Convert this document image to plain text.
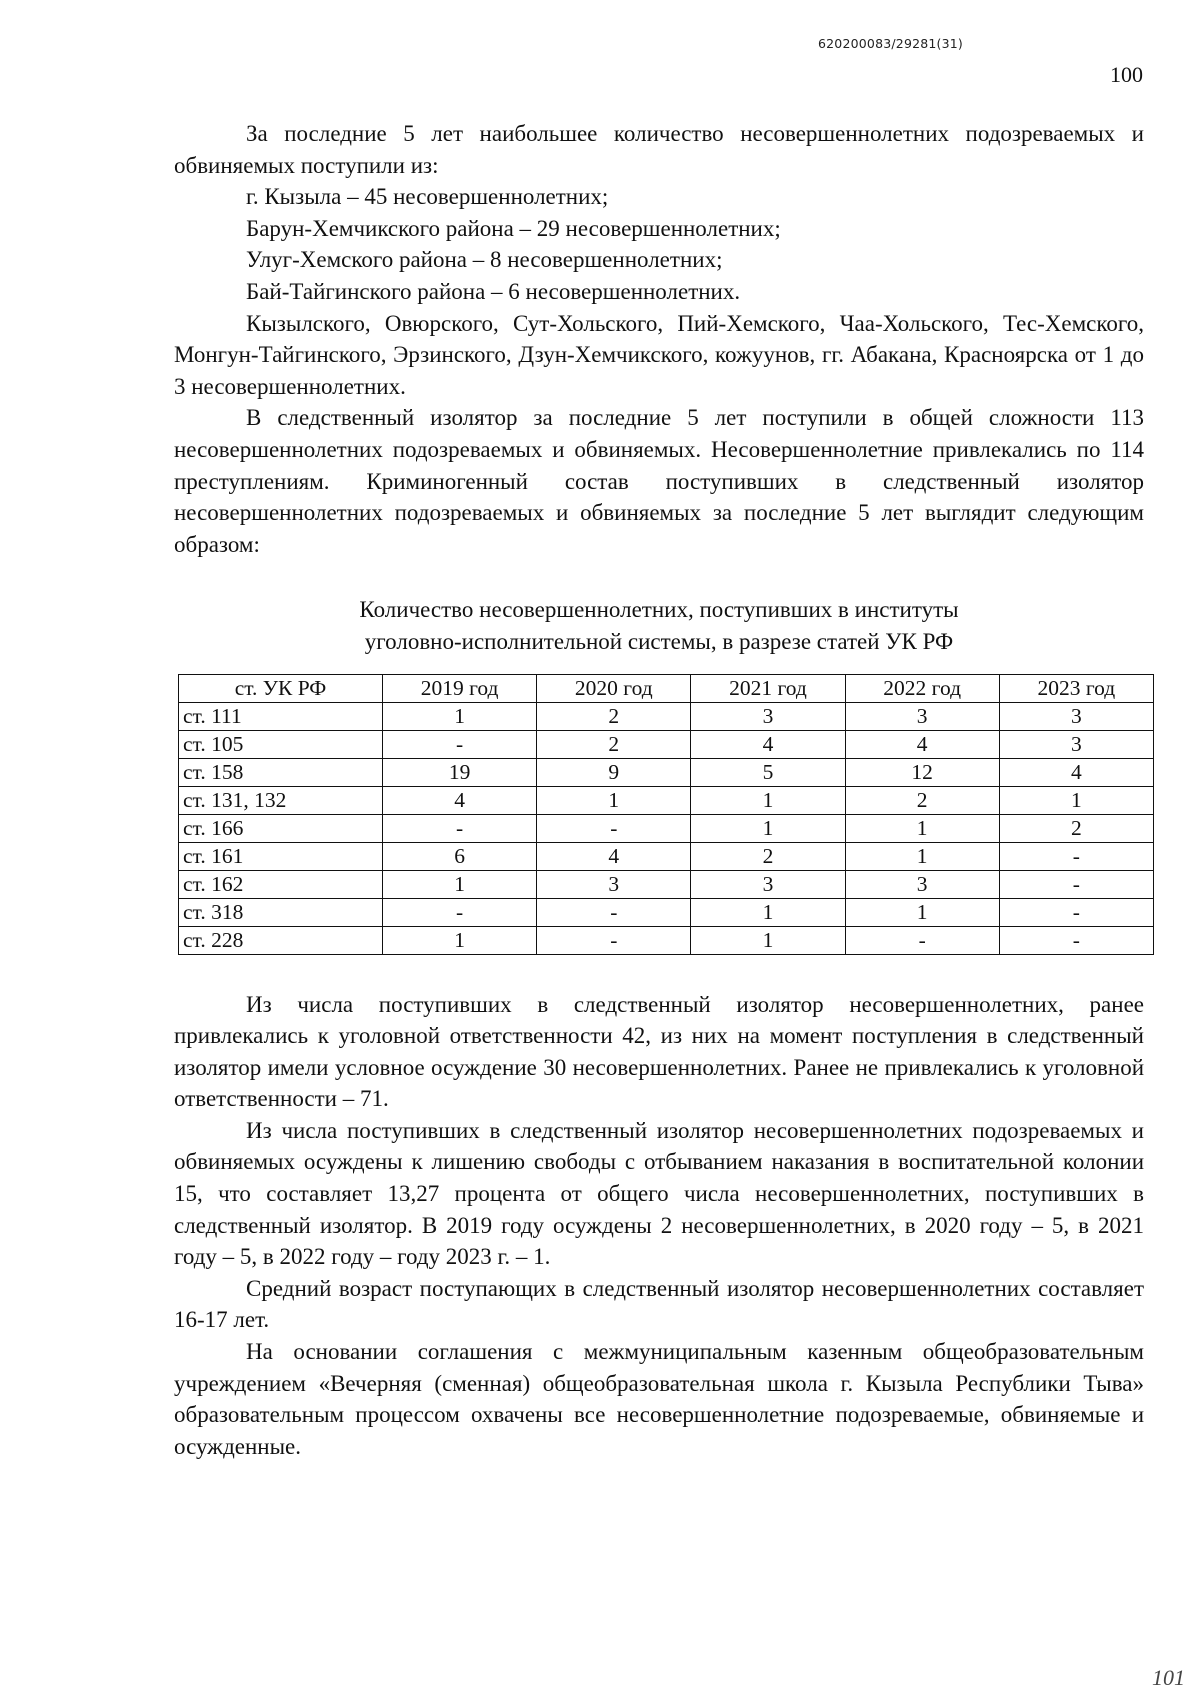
620200083/29281(31)
100

За последние 5 лет наибольшее количество несовершеннолетних подозреваемых и обвиняемых поступили из:

г. Кызыла – 45 несовершеннолетних;

Барун-Хемчикского района – 29 несовершеннолетних;

Улуг-Хемского района – 8 несовершеннолетних;

Бай-Тайгинского района – 6 несовершеннолетних.

Кызылского, Овюрского, Сут-Хольского, Пий-Хемского, Чаа-Хольского, Тес-Хемского, Монгун-Тайгинского, Эрзинского, Дзун-Хемчикского, кожуунов, гг. Абакана, Красноярска от 1 до 3 несовершеннолетних.

В следственный изолятор за последние 5 лет поступили в общей сложности 113 несовершеннолетних подозреваемых и обвиняемых. Несовершеннолетние привлекались по 114 преступлениям. Криминогенный состав поступивших в следственный изолятор несовершеннолетних подозреваемых и обвиняемых за последние 5 лет выглядит следующим образом:

Количество несовершеннолетних, поступивших в институты
уголовно-исполнительной системы, в разрезе статей УК РФ
ст. УК РФ	2019 год	2020 год	2021 год	2022 год	2023 год
ст. 111	1	2	3	3	3
ст. 105	-	2	4	4	3
ст. 158	19	9	5	12	4
ст. 131, 132	4	1	1	2	1
ст. 166	-	-	1	1	2
ст. 161	6	4	2	1	-
ст. 162	1	3	3	3	-
ст. 318	-	-	1	1	-
ст. 228	1	-	1	-	-

Из числа поступивших в следственный изолятор несовершеннолетних, ранее привлекались к уголовной ответственности 42, из них на момент поступления в следственный изолятор имели условное осуждение 30 несовершеннолетних. Ранее не привлекались к уголовной ответственности – 71.

Из числа поступивших в следственный изолятор несовершеннолетних подозреваемых и обвиняемых осуждены к лишению свободы с отбыванием наказания в воспитательной колонии 15, что составляет 13,27 процента от общего числа несовершеннолетних, поступивших в следственный изолятор. В 2019 году осуждены 2 несовершеннолетних, в 2020 году – 5, в 2021 году – 5, в 2022 году – году 2023 г. – 1.

Средний возраст поступающих в следственный изолятор несовершеннолетних составляет 16-17 лет.

На основании соглашения с межмуниципальным казенным общеобразовательным учреждением «Вечерняя (сменная) общеобразовательная школа г. Кызыла Республики Тыва» образовательным процессом охвачены все несовершеннолетние подозреваемые, обвиняемые и осужденные.

101
